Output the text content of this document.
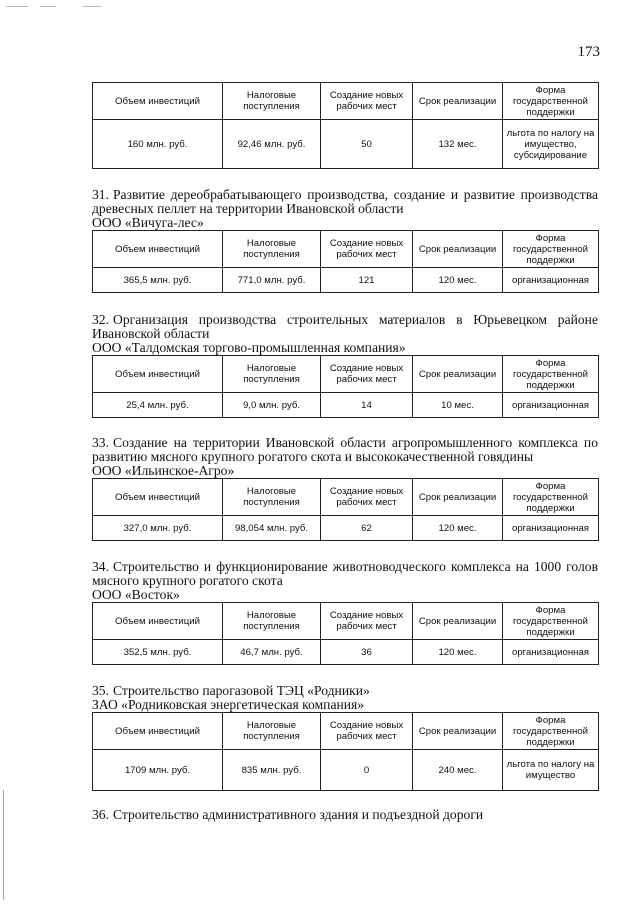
173
Объем инвестиций	Налоговые поступления	Создание новых рабочих мест	Срок реализации	Форма государственной поддержки
160 млн. руб.	92,46 млн. руб.	50	132 мес.	льгота по налогу на имущество, субсидирование

31. Развитие дереобрабатывающего производства, создание и развитие производства древесных пеллет на территории Ивановской области

ООО «Вичуга-лес»

Объем инвестиций	Налоговые поступления	Создание новых рабочих мест	Срок реализации	Форма государственной поддержки
365,5 млн. руб.	771,0 млн. руб.	121	120 мес.	организационная

32. Организация производства строительных материалов в Юрьевецком районе Ивановской области

ООО «Талдомская торгово-промышленная компания»

Объем инвестиций	Налоговые поступления	Создание новых рабочих мест	Срок реализации	Форма государственной поддержки
25,4 млн. руб.	9,0 млн. руб.	14	10 мес.	организационная

33. Создание на территории Ивановской области агропромышленного комплекса по развитию мясного крупного рогатого скота и высококачественной говядины

ООО «Ильинское-Агро»

Объем инвестиций	Налоговые поступления	Создание новых рабочих мест	Срок реализации	Форма государственной поддержки
327,0 млн. руб.	98,054 млн. руб.	62	120 мес.	организационная

34. Строительство и функционирование животноводческого комплекса на 1000 голов мясного крупного рогатого скота

ООО «Восток»

Объем инвестиций	Налоговые поступления	Создание новых рабочих мест	Срок реализации	Форма государственной поддержки
352,5 млн. руб.	46,7 млн. руб.	36	120 мес.	организационная

35. Строительство парогазовой ТЭЦ «Родники»

ЗАО «Родниковская энергетическая компания»

Объем инвестиций	Налоговые поступления	Создание новых рабочих мест	Срок реализации	Форма государственной поддержки
1709 млн. руб.	835 млн. руб.	0	240 мес.	льгота по налогу на имущество

36. Строительство административного здания и подъездной дороги
